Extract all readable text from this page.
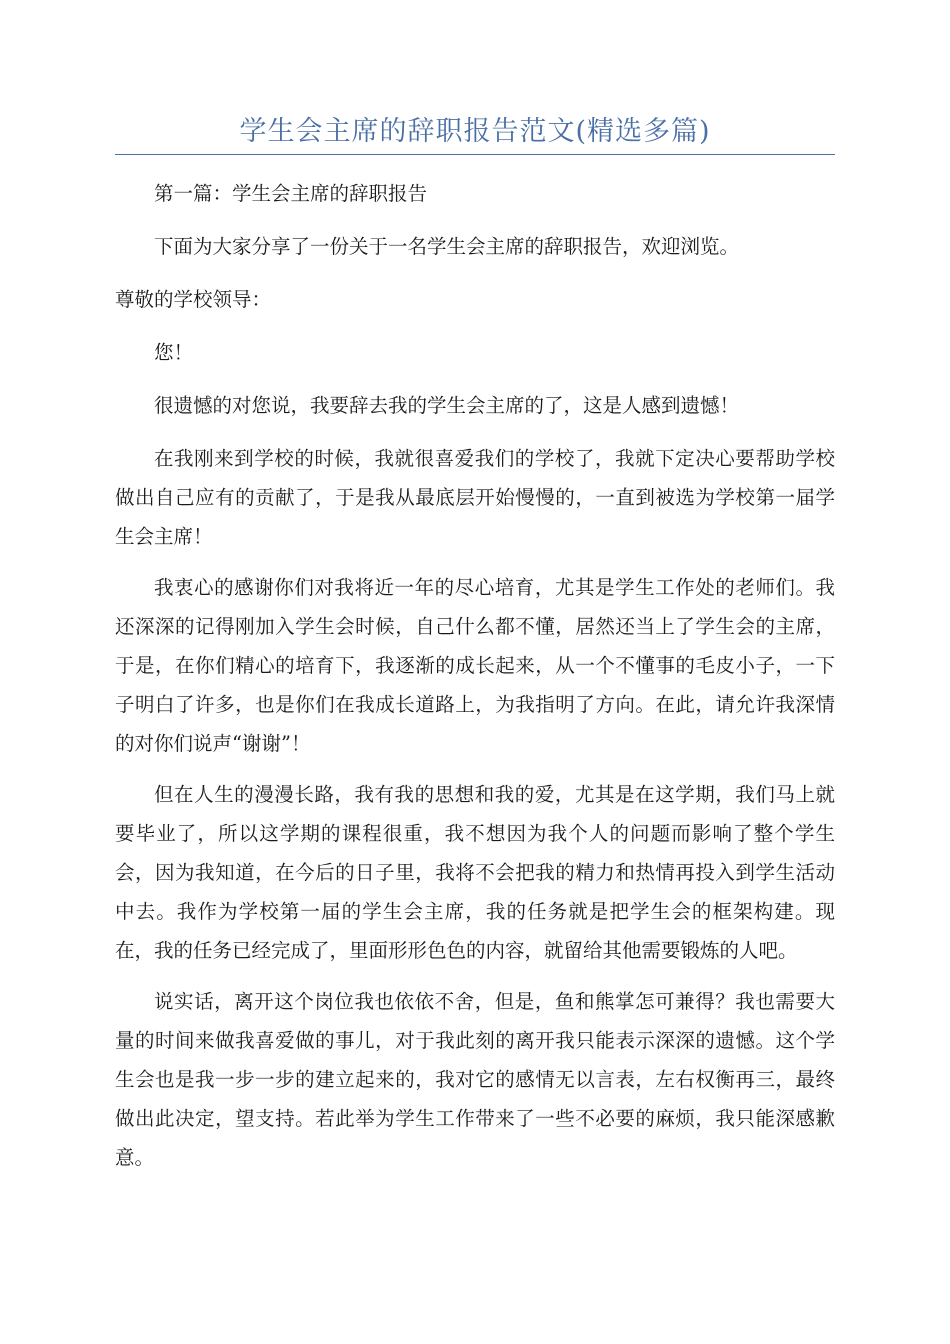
学生会主席的辞职报告范文(精选多篇)

第一篇：学生会主席的辞职报告

下面为大家分享了一份关于一名学生会主席的辞职报告，欢迎浏览。

尊敬的学校领导：

您！

很遗憾的对您说，我要辞去我的学生会主席的了，这是人感到遗憾！

在我刚来到学校的时候，我就很喜爱我们的学校了，我就下定决心要帮助学校做出自己应有的贡献了，于是我从最底层开始慢慢的，一直到被选为学校第一届学生会主席！

我衷心的感谢你们对我将近一年的尽心培育，尤其是学生工作处的老师们。我还深深的记得刚加入学生会时候，自己什么都不懂，居然还当上了学生会的主席，于是，在你们精心的培育下，我逐渐的成长起来，从一个不懂事的毛皮小子，一下子明白了许多，也是你们在我成长道路上，为我指明了方向。在此，请允许我深情的对你们说声“谢谢”！

但在人生的漫漫长路，我有我的思想和我的爱，尤其是在这学期，我们马上就要毕业了，所以这学期的课程很重，我不想因为我个人的问题而影响了整个学生会，因为我知道，在今后的日子里，我将不会把我的精力和热情再投入到学生活动中去。我作为学校第一届的学生会主席，我的任务就是把学生会的框架构建。现在，我的任务已经完成了，里面形形色色的内容，就留给其他需要锻炼的人吧。

说实话，离开这个岗位我也依依不舍，但是，鱼和熊掌怎可兼得？我也需要大量的时间来做我喜爱做的事儿，对于我此刻的离开我只能表示深深的遗憾。这个学生会也是我一步一步的建立起来的，我对它的感情无以言表，左右权衡再三，最终做出此决定，望支持。若此举为学生工作带来了一些不必要的麻烦，我只能深感歉意。
